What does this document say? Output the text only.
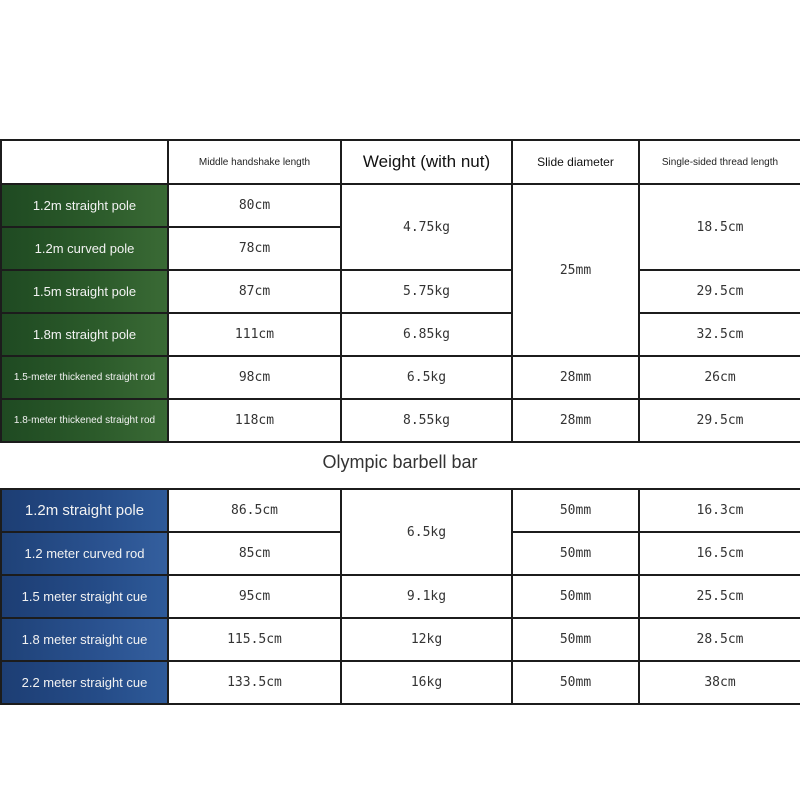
	Middle handshake length	Weight (with nut)	Slide diameter	Single-sided thread length
1.2m straight pole	80cm	4.75kg	25mm	18.5cm
1.2m curved pole	78cm			
1.5m straight pole	87cm	5.75kg		29.5cm
1.8m straight pole	111cm	6.85kg		32.5cm
1.5-meter thickened straight rod	98cm	6.5kg	28mm	26cm
1.8-meter thickened straight rod	118cm	8.55kg	28mm	29.5cm
Olympic barbell bar
1.2m straight pole	86.5cm	6.5kg	50mm	16.3cm
1.2 meter curved rod	85cm		50mm	16.5cm
1.5 meter straight cue	95cm	9.1kg	50mm	25.5cm
1.8 meter straight cue	115.5cm	12kg	50mm	28.5cm
2.2 meter straight cue	133.5cm	16kg	50mm	38cm
